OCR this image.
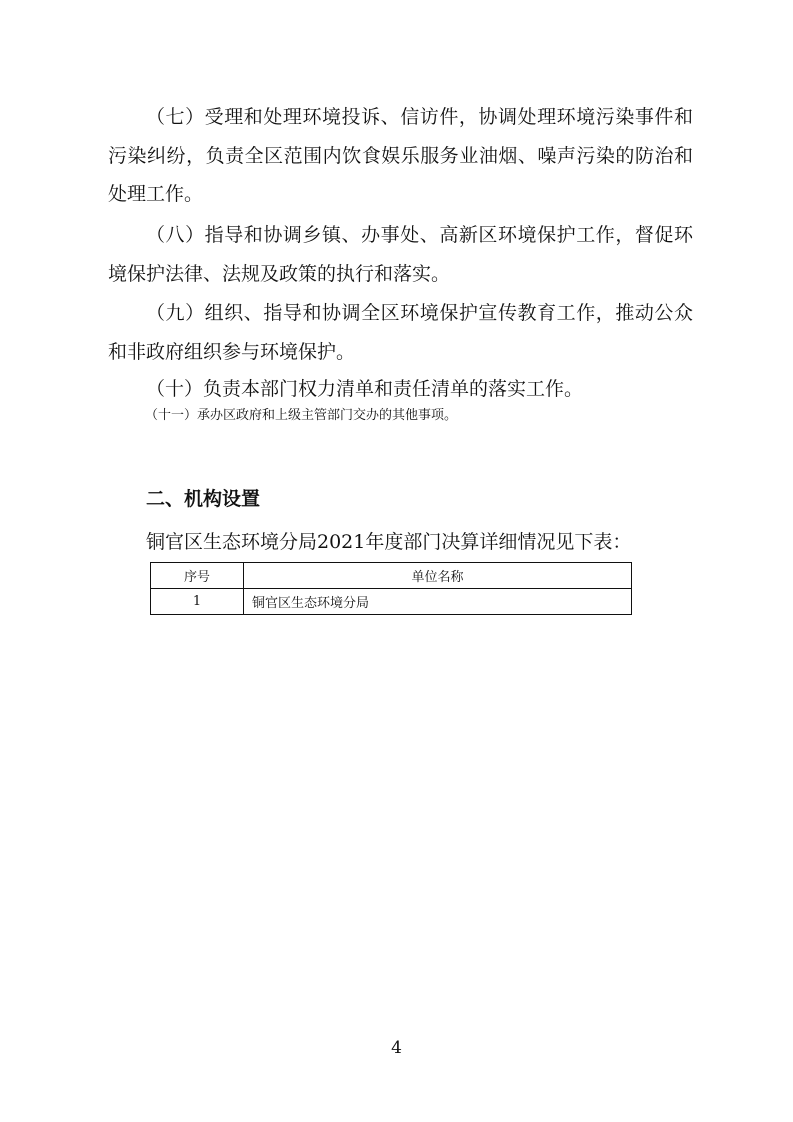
（七）受理和处理环境投诉、信访件，协调处理环境污染事件和污染纠纷，负责全区范围内饮食娱乐服务业油烟、噪声污染的防治和处理工作。

（八）指导和协调乡镇、办事处、高新区环境保护工作，督促环境保护法律、法规及政策的执行和落实。

（九）组织、指导和协调全区环境保护宣传教育工作，推动公众和非政府组织参与环境保护。

（十）负责本部门权力清单和责任清单的落实工作。

（十一）承办区政府和上级主管部门交办的其他事项。

二、机构设置

铜官区生态环境分局2021年度部门决算详细情况见下表：

序号	单位名称
1	铜官区生态环境分局
4
